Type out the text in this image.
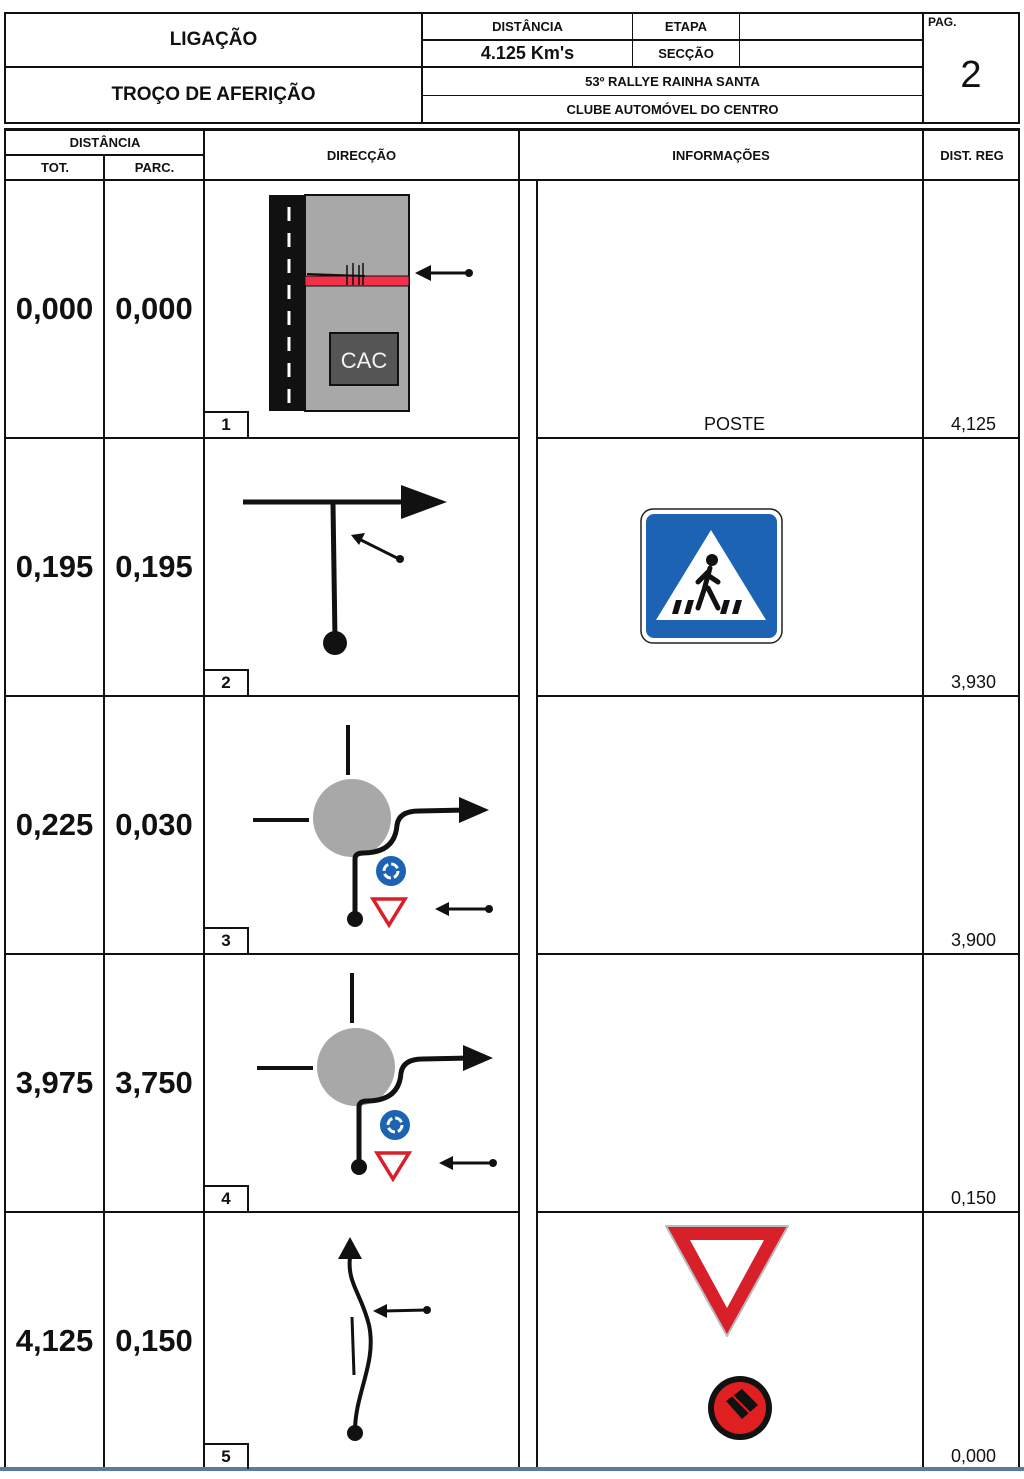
LIGAÇÃO
TROÇO DE AFERIÇÃO
DISTÂNCIA
4.125 Km's
ETAPA
SECÇÃO
53º RALLYE RAINHA SANTA
CLUBE AUTOMÓVEL DO CENTRO
PAG.
2
DISTÂNCIA
TOT.	PARC.
DIRECÇÃO	INFORMAÇÕES	DIST. REG
0,000 0,000
1
CAC
POSTE	4,125
0,195 0,195
2	3,930
0,225 0,030
3	3,900
3,975 3,750
4	0,150
4,125 0,150
5	0,000
